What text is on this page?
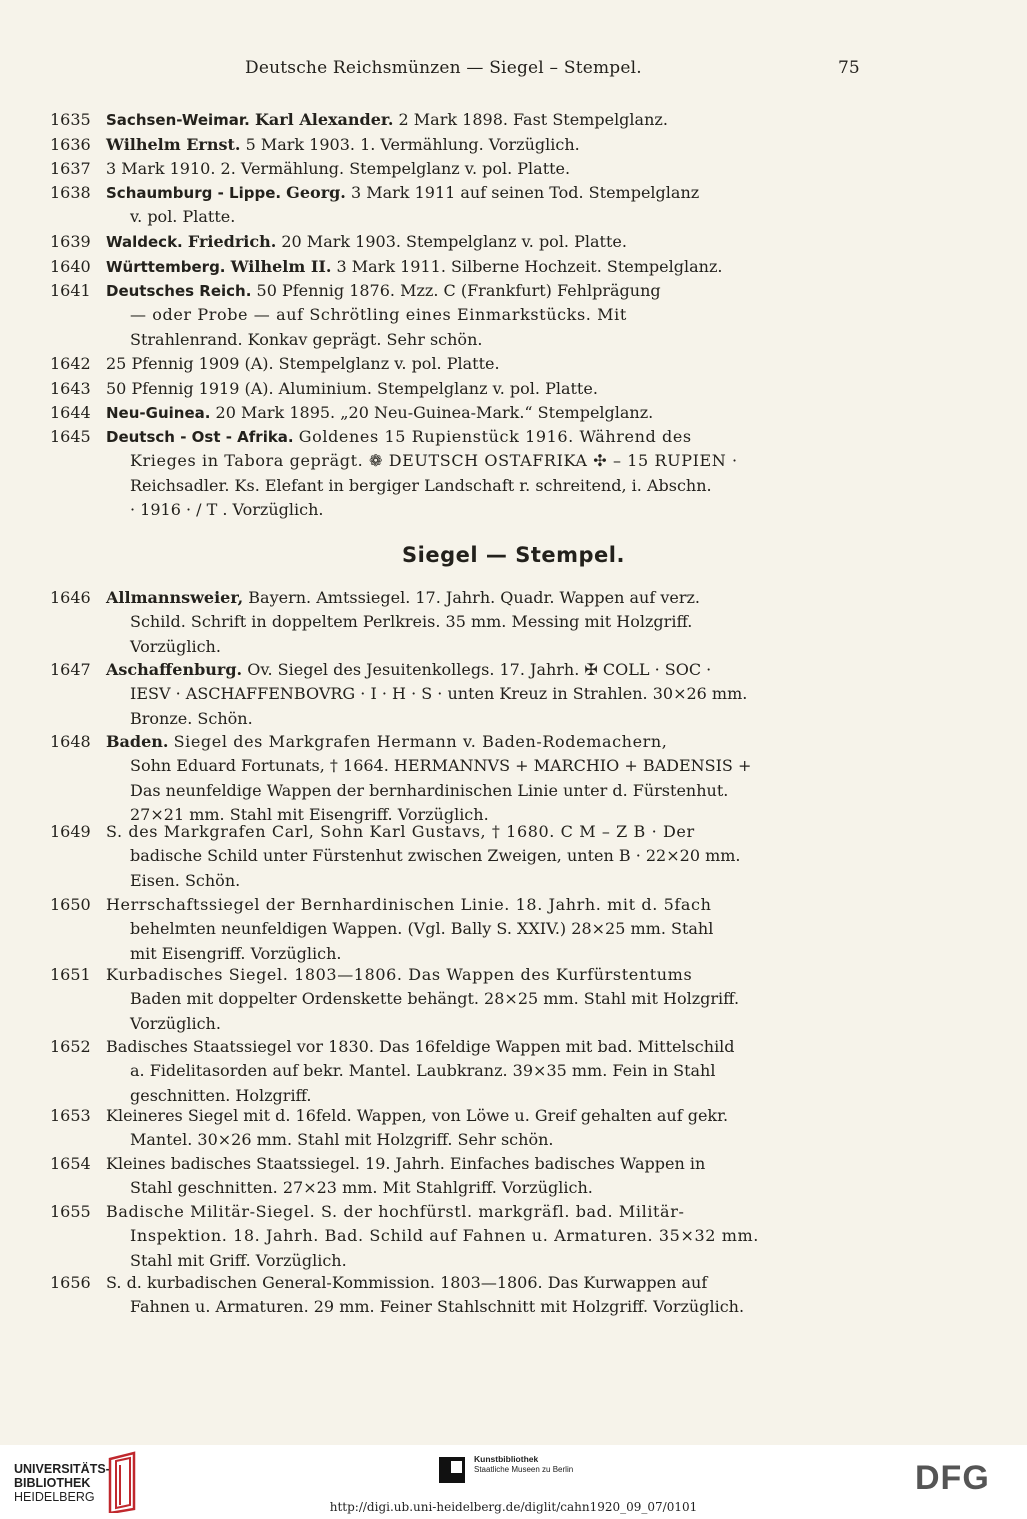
Deutsche Reichsmünzen — Siegel – Stempel.	75
Siegel — Stempel.
1635	Sachsen-Weimar. Karl Alexander. 2 Mark 1898. Fast Stempelglanz.
1636 Wilhelm Ernst. 5 Mark 1903. 1. Vermählung. Vorzüglich.
1637 3 Mark 1910. 2. Vermählung. Stempelglanz v. pol. Platte.
1638	Schaumburg - Lippe. Georg. 3 Mark 1911 auf seinen Tod. Stempelglanz
v. pol. Platte.
1639	Waldeck. Friedrich. 20 Mark 1903. Stempelglanz v. pol. Platte.
1640	Württemberg. Wilhelm II. 3 Mark 1911. Silberne Hochzeit. Stempelglanz.
1641	Deutsches Reich. 50 Pfennig 1876. Mzz. C (Frankfurt) Fehlprägung
— oder Probe — auf Schrötling eines Einmarkstücks. Mit
Strahlenrand. Konkav geprägt. Sehr schön.
1642 25 Pfennig 1909 (A). Stempelglanz v. pol. Platte.
1643 50 Pfennig 1919 (A). Aluminium. Stempelglanz v. pol. Platte.
1644	Neu-Guinea. 20 Mark 1895. „20 Neu-Guinea-Mark.“ Stempelglanz.
1645	Deutsch - Ost - Afrika. Goldenes 15 Rupienstück 1916. Während des
Krieges in Tabora geprägt. ❁ DEUTSCH OSTAFRIKA ✣ – 15 RUPIEN ·
Reichsadler. Ks. Elefant in bergiger Landschaft r. schreitend, i. Abschn.
· 1916 · / T . Vorzüglich.
1646 Allmannsweier, Bayern. Amtssiegel. 17. Jahrh. Quadr. Wappen auf verz.
Schild. Schrift in doppeltem Perlkreis. 35 mm. Messing mit Holzgriff.
Vorzüglich.
1647 Aschaffenburg. Ov. Siegel des Jesuitenkollegs. 17. Jahrh. ✠ COLL · SOC ·
IESV · ASCHAFFENBOVRG · I · H · S · unten Kreuz in Strahlen. 30×26 mm.
Bronze. Schön.
1648 Baden. Siegel des Markgrafen Hermann v. Baden-Rodemachern,
Sohn Eduard Fortunats, † 1664. HERMANNVS + MARCHIO + BADENSIS +
Das neunfeldige Wappen der bernhardinischen Linie unter d. Fürstenhut.
27×21 mm. Stahl mit Eisengriff. Vorzüglich.
1649 S. des Markgrafen Carl, Sohn Karl Gustavs, † 1680. C M – Z B · Der
badische Schild unter Fürstenhut zwischen Zweigen, unten B · 22×20 mm.
Eisen. Schön.
1650 Herrschaftssiegel der Bernhardinischen Linie. 18. Jahrh. mit d. 5fach
behelmten neunfeldigen Wappen. (Vgl. Bally S. XXIV.) 28×25 mm. Stahl
mit Eisengriff. Vorzüglich.
1651 Kurbadisches Siegel. 1803—1806. Das Wappen des Kurfürstentums
Baden mit doppelter Ordenskette behängt. 28×25 mm. Stahl mit Holzgriff.
Vorzüglich.
1652 Badisches Staatssiegel vor 1830. Das 16feldige Wappen mit bad. Mittelschild
a. Fidelitasorden auf bekr. Mantel. Laubkranz. 39×35 mm. Fein in Stahl
geschnitten. Holzgriff.
1653 Kleineres Siegel mit d. 16feld. Wappen, von Löwe u. Greif gehalten auf gekr.
Mantel. 30×26 mm. Stahl mit Holzgriff. Sehr schön.
1654 Kleines badisches Staatssiegel. 19. Jahrh. Einfaches badisches Wappen in
Stahl geschnitten. 27×23 mm. Mit Stahlgriff. Vorzüglich.
1655 Badische Militär-Siegel. S. der hochfürstl. markgräfl. bad. Militär-
Inspektion. 18. Jahrh. Bad. Schild auf Fahnen u. Armaturen. 35×32 mm.
Stahl mit Griff. Vorzüglich.
1656 S. d. kurbadischen General-Kommission. 1803—1806. Das Kurwappen auf
Fahnen u. Armaturen. 29 mm. Feiner Stahlschnitt mit Holzgriff. Vorzüglich.
UNIVERSITÄTS-
BIBLIOTHEK
HEIDELBERG
Kunstbibliothek
Staatliche Museen zu Berlin	DFG
http://digi.ub.uni-heidelberg.de/diglit/cahn1920_09_07/0101
